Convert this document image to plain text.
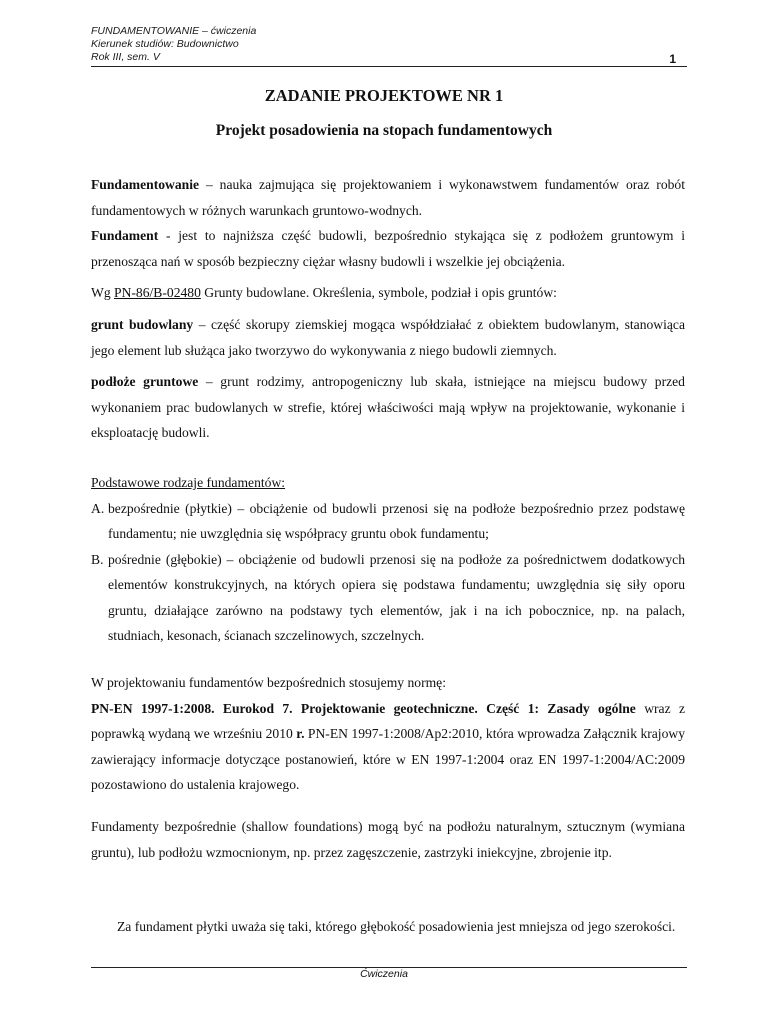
FUNDAMENTOWANIE – ćwiczenia
Kierunek studiów: Budownictwo
Rok III, sem. V	1
ZADANIE PROJEKTOWE NR 1
Projekt posadowienia na stopach fundamentowych

Fundamentowanie – nauka zajmująca się projektowaniem i wykonawstwem fundamentów oraz robót fundamentowych w różnych warunkach gruntowo-wodnych.

Fundament - jest to najniższa część budowli, bezpośrednio stykająca się z podłożem gruntowym i przenosząca nań w sposób bezpieczny ciężar własny budowli i wszelkie jej obciążenia.

Wg PN-86/B-02480 Grunty budowlane. Określenia, symbole, podział i opis gruntów:

grunt budowlany – część skorupy ziemskiej mogąca współdziałać z obiektem budowlanym, stanowiąca jego element lub służąca jako tworzywo do wykonywania z niego budowli ziemnych.

podłoże gruntowe – grunt rodzimy, antropogeniczny lub skała, istniejące na miejscu budowy przed wykonaniem prac budowlanych w strefie, której właściwości mają wpływ na projektowanie, wykonanie i eksploatację budowli.

Podstawowe rodzaje fundamentów:

A. bezpośrednie (płytkie) – obciążenie od budowli przenosi się na podłoże bezpośrednio przez podstawę fundamentu; nie uwzględnia się współpracy gruntu obok fundamentu;
B. pośrednie (głębokie) – obciążenie od budowli przenosi się na podłoże za pośrednictwem dodatkowych elementów konstrukcyjnych, na których opiera się podstawa fundamentu; uwzględnia się siły oporu gruntu, działające zarówno na podstawy tych elementów, jak i na ich pobocznice, np. na palach, studniach, kesonach, ścianach szczelinowych, szczelnych.

W projektowaniu fundamentów bezpośrednich stosujemy normę:

PN-EN 1997-1:2008. Eurokod 7. Projektowanie geotechniczne. Część 1: Zasady ogólne wraz z poprawką wydaną we wrześniu 2010 r. PN-EN 1997-1:2008/Ap2:2010, która wprowadza Załącznik krajowy zawierający informacje dotyczące postanowień, które w EN 1997-1:2004 oraz EN 1997-1:2004/AC:2009 pozostawiono do ustalenia krajowego.

Fundamenty bezpośrednie (shallow foundations) mogą być na podłożu naturalnym, sztucznym (wymiana gruntu), lub podłożu wzmocnionym, np. przez zagęszczenie, zastrzyki iniekcyjne, zbrojenie itp.

Za fundament płytki uważa się taki, którego głębokość posadowienia jest mniejsza od jego szerokości.

Ćwiczenia
